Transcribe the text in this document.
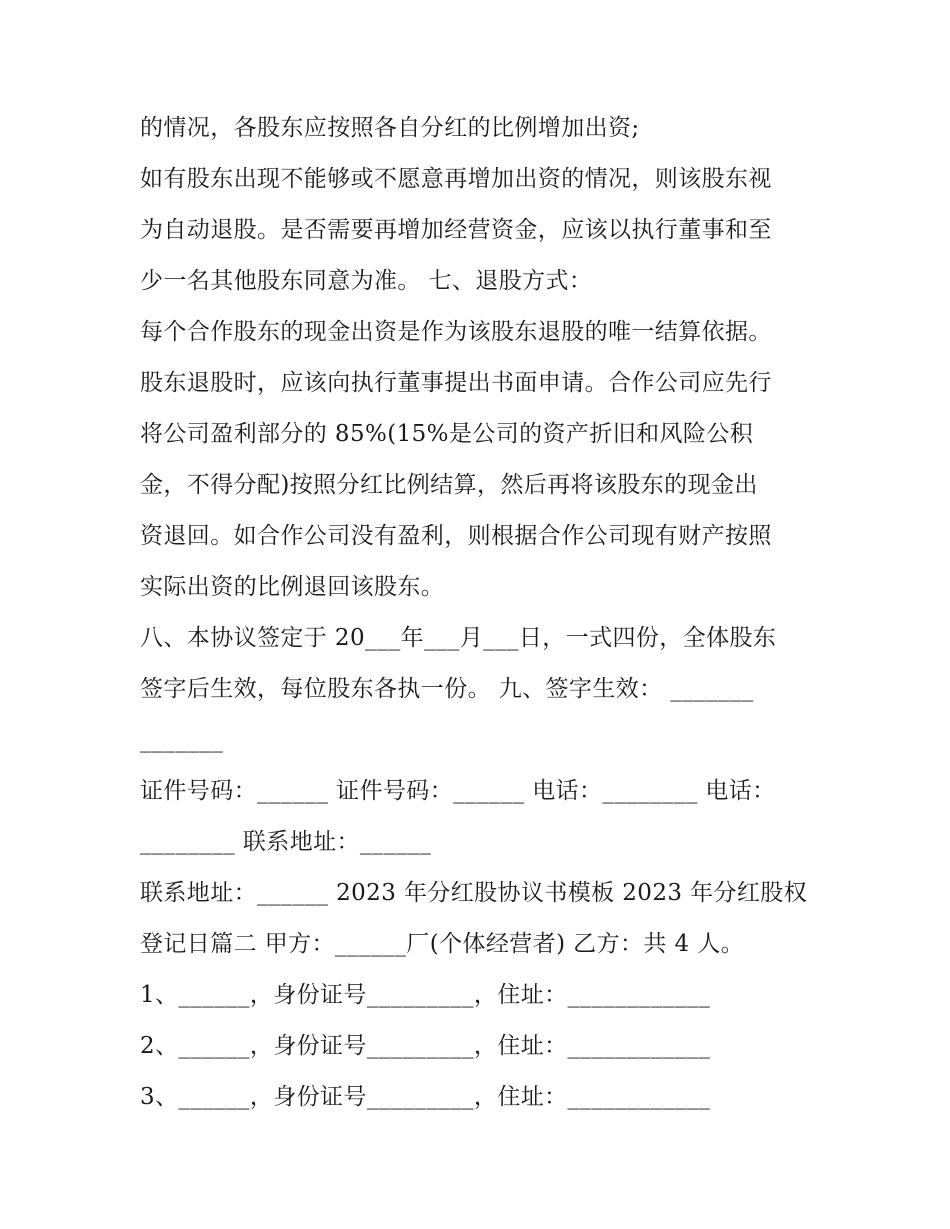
的情况，各股东应按照各自分红的比例增加出资;
如有股东出现不能够或不愿意再增加出资的情况，则该股东视
为自动退股。是否需要再增加经营资金，应该以执行董事和至
少一名其他股东同意为准。 七、退股方式：
每个合作股东的现金出资是作为该股东退股的唯一结算依据。
股东退股时，应该向执行董事提出书面申请。合作公司应先行
将公司盈利部分的 85%(15%是公司的资产折旧和风险公积
金，不得分配)按照分红比例结算，然后再将该股东的现金出
资退回。如合作公司没有盈利，则根据合作公司现有财产按照
实际出资的比例退回该股东。
八、本协议签定于 20___年___月___日，一式四份，全体股东
签字后生效，每位股东各执一份。 九、签字生效： _______
_______
证件号码：______ 证件号码：______ 电话：________ 电话：
________ 联系地址：______
联系地址：______ 2023 年分红股协议书模板 2023 年分红股权
登记日篇二 甲方：______厂(个体经营者) 乙方：共 4 人。
1、______，身份证号_________，住址：____________
2、______，身份证号_________，住址：____________
3、______，身份证号_________，住址：____________
